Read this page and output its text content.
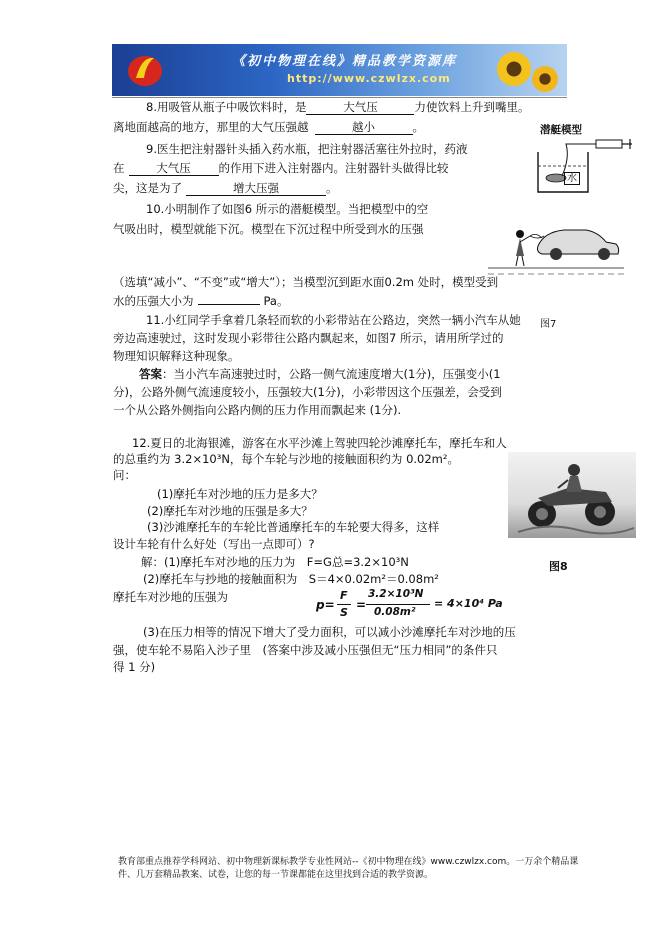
《初中物理在线》精品教学资源库
http://www.czwlzx.com
8.用吸管从瓶子中吸饮料时，是	大气压	力使饮料上升到嘴里。
离地面越高的地方，那里的大气压强越	越小	。
9.医生把注射器针头插入药水瓶，把注射器活塞往外拉时，药液
在	大气压 的作用下进入注射器内。注射器针头做得比较
尖，这是为了	增大压强	。
潜艇模型
水
10.小明制作了如图6 所示的潜艇模型。当把模型中的空
气吸出时，模型就能下沉。模型在下沉过程中所受到水的压强
（选填“减小”、“不变”或“增大”）；当模型沉到距水面0.2m 处时，模型受到
水的压强大小为	Pa。
11.小红同学手拿着几条轻而软的小彩带站在公路边，突然一辆小汽车从她 图7
旁边高速驶过，这时发现小彩带往公路内飘起来，如图7 所示，请用所学过的
物理知识解释这种现象。
答案：当小汽车高速驶过时，公路一侧气流速度增大(1分)，压强变小(1
分)，公路外侧气流速度较小，压强较大(1分)，小彩带因这个压强差，会受到
一个从公路外侧指向公路内侧的压力作用而飘起来 (1分).
12.夏日的北海银滩，游客在水平沙滩上驾驶四轮沙滩摩托车，摩托车和人
的总重约为 3.2×10³N，每个车轮与沙地的接触面积约为 0.02m²。
问：
(1)摩托车对沙地的压力是多大？
(2)摩托车对沙地的压强是多大？
(3)沙滩摩托车的车轮比普通摩托车的车轮要大得多，这样
设计车轮有什么好处（写出一点即可）?
解：(1)摩托车对沙地的压力为　F=G总=3.2×10³N
(2)摩托车与抄地的接触面积为　S＝4×0.02m²＝0.08m²
摩托车对沙地的压强为
p=
F
S
=
3.2×10³N
0.08m²
= 4×10⁴ Pa
(3)在压力相等的情况下增大了受力面积，可以减小沙滩摩托车对沙地的压
强，使车轮不易陷入沙子里　(答案中涉及减小压强但无“压力相同”的条件只
得 1 分)
图8
教育部重点推荐学科网站、初中物理新课标教学专业性网站--《初中物理在线》www.czwlzx.com。一万余个精品课件、几万套精品教案、试卷，让您的每一节课都能在这里找到合适的教学资源。
